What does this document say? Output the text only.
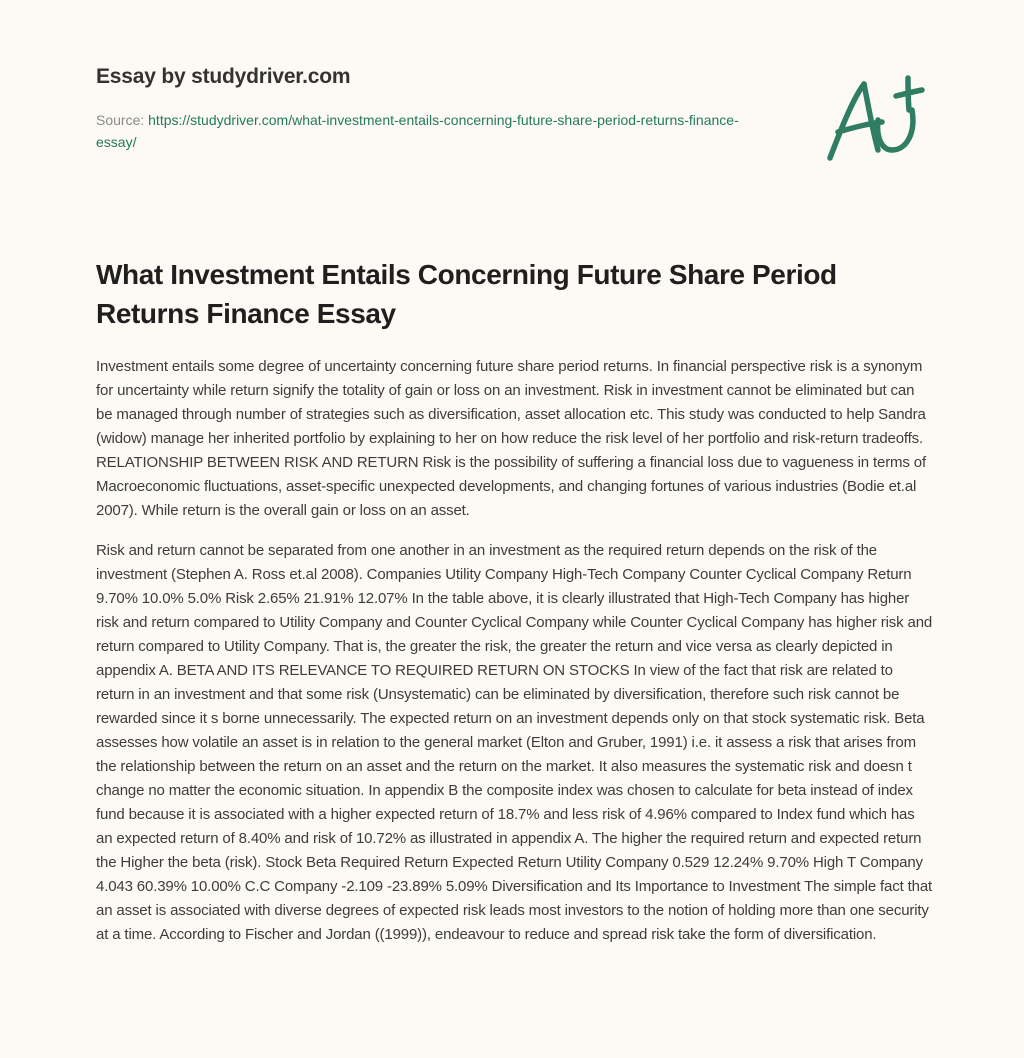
Essay by studydriver.com
Source: https://studydriver.com/what-investment-entails-concerning-future-share-period-returns-finance-essay/
What Investment Entails Concerning Future Share Period Returns Finance Essay

Investment entails some degree of uncertainty concerning future share period returns. In financial perspective risk is a synonym for uncertainty while return signify the totality of gain or loss on an investment. Risk in investment cannot be eliminated but can be managed through number of strategies such as diversification, asset allocation etc. This study was conducted to help Sandra (widow) manage her inherited portfolio by explaining to her on how reduce the risk level of her portfolio and risk-return tradeoffs. RELATIONSHIP BETWEEN RISK AND RETURN Risk is the possibility of suffering a financial loss due to vagueness in terms of Macroeconomic fluctuations, asset-specific unexpected developments, and changing fortunes of various industries (Bodie et.al 2007). While return is the overall gain or loss on an asset.

Risk and return cannot be separated from one another in an investment as the required return depends on the risk of the investment (Stephen A. Ross et.al 2008). Companies Utility Company High-Tech Company Counter Cyclical Company Return 9.70% 10.0% 5.0% Risk 2.65% 21.91% 12.07% In the table above, it is clearly illustrated that High-Tech Company has higher risk and return compared to Utility Company and Counter Cyclical Company while Counter Cyclical Company has higher risk and return compared to Utility Company. That is, the greater the risk, the greater the return and vice versa as clearly depicted in appendix A. BETA AND ITS RELEVANCE TO REQUIRED RETURN ON STOCKS In view of the fact that risk are related to return in an investment and that some risk (Unsystematic) can be eliminated by diversification, therefore such risk cannot be rewarded since it s borne unnecessarily. The expected return on an investment depends only on that stock systematic risk. Beta assesses how volatile an asset is in relation to the general market (Elton and Gruber, 1991) i.e. it assess a risk that arises from the relationship between the return on an asset and the return on the market. It also measures the systematic risk and doesn t change no matter the economic situation. In appendix B the composite index was chosen to calculate for beta instead of index fund because it is associated with a higher expected return of 18.7% and less risk of 4.96% compared to Index fund which has an expected return of 8.40% and risk of 10.72% as illustrated in appendix A. The higher the required return and expected return the Higher the beta (risk). Stock Beta Required Return Expected Return Utility Company 0.529 12.24% 9.70% High T Company 4.043 60.39% 10.00% C.C Company -2.109 -23.89% 5.09% Diversification and Its Importance to Investment The simple fact that an asset is associated with diverse degrees of expected risk leads most investors to the notion of holding more than one security at a time. According to Fischer and Jordan ((1999)), endeavour to reduce and spread risk take the form of diversification.
